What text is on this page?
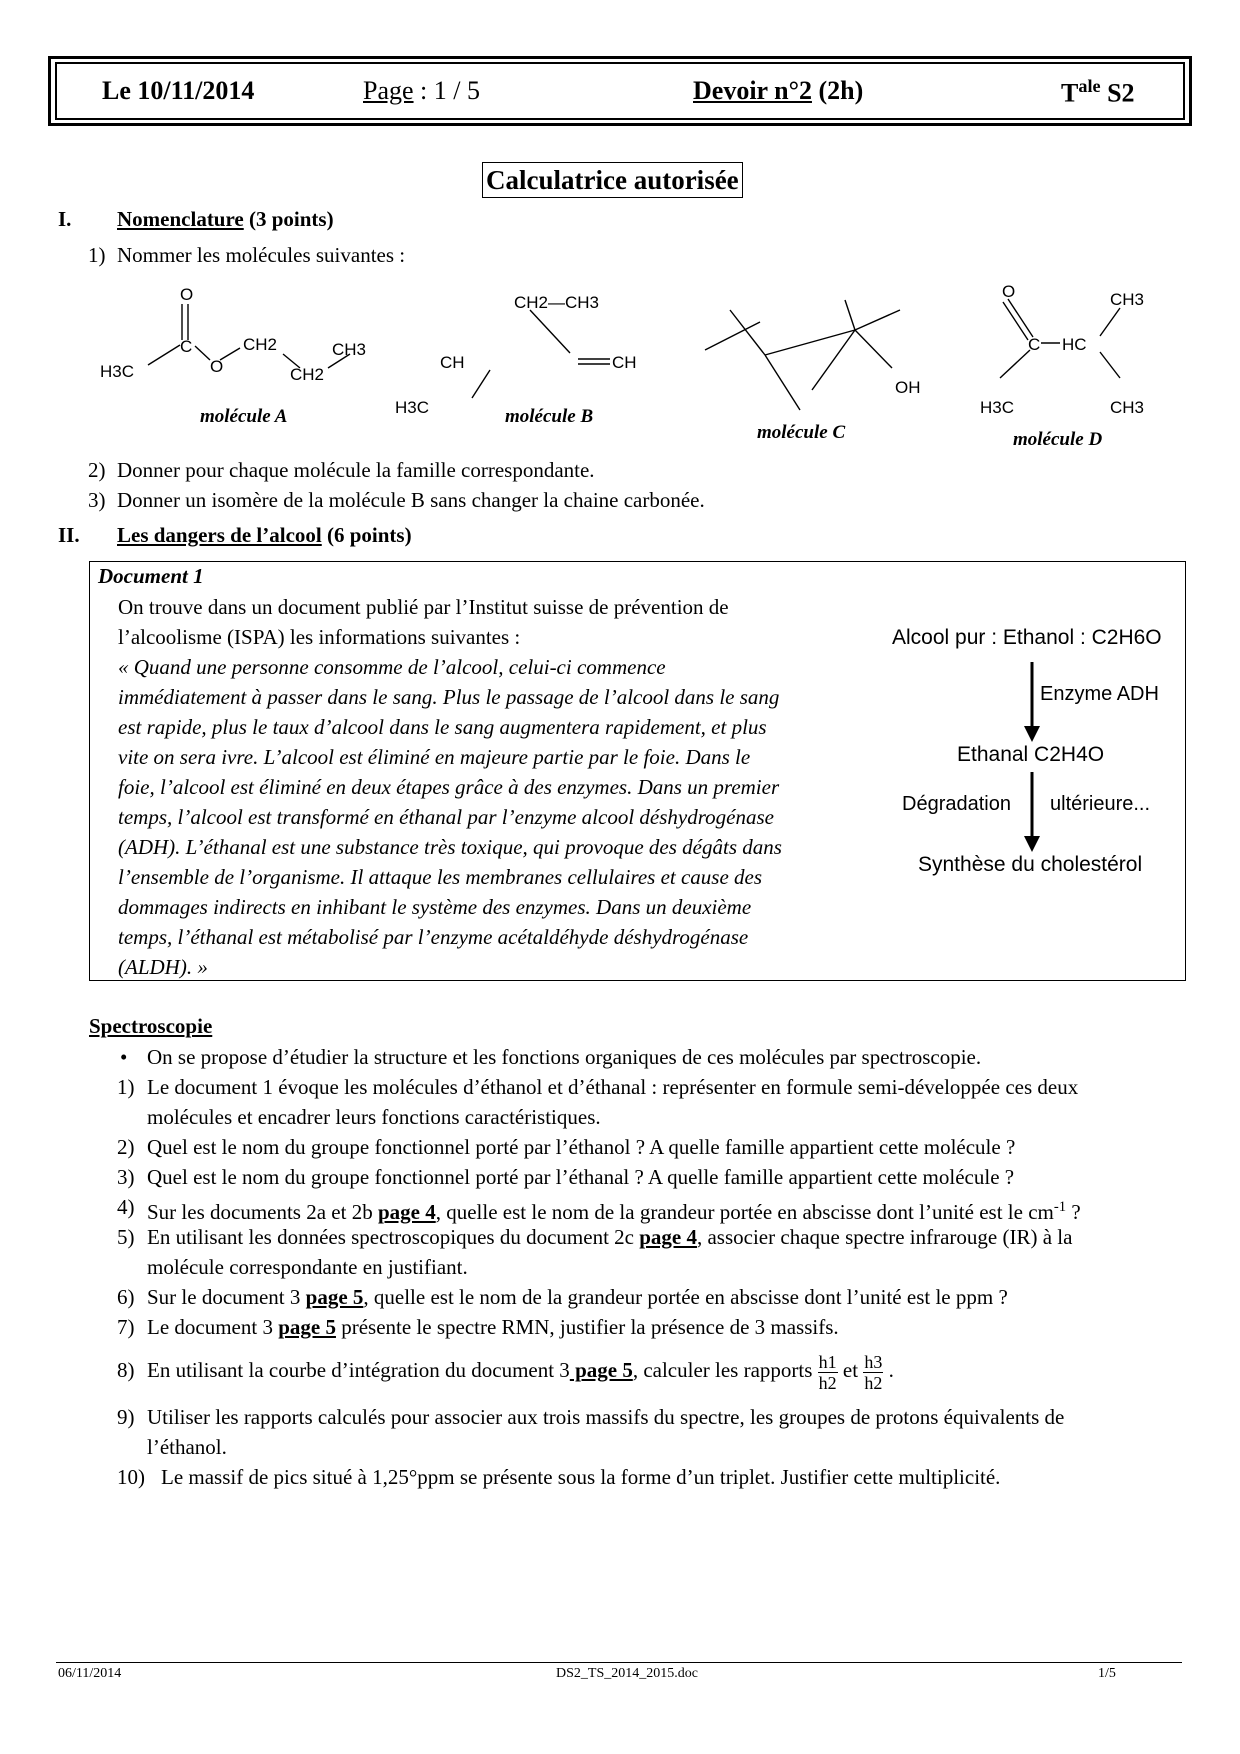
Le 10/11/2014	Page : 1 / 5	Devoir n°2 (2h)	$T^{ale}$ S2
Calculatrice autorisée
I. Nomenclature (3 points)
1) Nommer les molécules suivantes :
O
C
O
H3C
CH2
CH2
CH3
CH2—CH3
CH	CH
H3C
OH
O	CH3
C HC
H3C	CH3
molécule A	molécule B
molécule C	molécule D
2) Donner pour chaque molécule la famille correspondante.
3) Donner un isomère de la molécule B sans changer la chaine carbonée.
II. Les dangers de l’alcool (6 points)
Document 1

On trouve dans un document publié par l’Institut suisse de prévention de

l’alcoolisme (ISPA) les informations suivantes :

« Quand une personne consomme de l’alcool, celui-ci commence

immédiatement à passer dans le sang. Plus le passage de l’alcool dans le sang

est rapide, plus le taux d’alcool dans le sang augmentera rapidement, et plus

vite on sera ivre. L’alcool est éliminé en majeure partie par le foie. Dans le

foie, l’alcool est éliminé en deux étapes grâce à des enzymes. Dans un premier

temps, l’alcool est transformé en éthanal par l’enzyme alcool déshydrogénase

(ADH). L’éthanal est une substance très toxique, qui provoque des dégâts dans

l’ensemble de l’organisme. Il attaque les membranes cellulaires et cause des

dommages indirects en inhibant le système des enzymes. Dans un deuxième

temps, l’éthanal est métabolisé par l’enzyme acétaldéhyde déshydrogénase

(ALDH). »

Alcool pur : Ethanol : C2H6O
Enzyme ADH
Ethanal C2H4O
Dégradation ultérieure...
Synthèse du cholestérol
Spectroscopie
• On se propose d’étudier la structure et les fonctions organiques de ces molécules par spectroscopie.
1) Le document 1 évoque les molécules d’éthanol et d’éthanal : représenter en formule semi-développée ces deux
molécules et encadrer leurs fonctions caractéristiques.
2) Quel est le nom du groupe fonctionnel porté par l’éthanol ? A quelle famille appartient cette molécule ?
3) Quel est le nom du groupe fonctionnel porté par l’éthanal ? A quelle famille appartient cette molécule ?
4) Sur les documents 2a et 2b page 4, quelle est le nom de la grandeur portée en abscisse dont l’unité est le $cm^{-1}$ ?
5) En utilisant les données spectroscopiques du document 2c page 4, associer chaque spectre infrarouge (IR) à la
molécule correspondante en justifiant.
6) Sur le document 3 page 5, quelle est le nom de la grandeur portée en abscisse dont l’unité est le ppm ?
7) Le document 3 page 5 présente le spectre RMN, justifier la présence de 3 massifs.
8) En utilisant la courbe d’intégration du document 3 page 5, calculer les rapports $\frac{h1}{h2}$ et $\frac{h3}{h2}$ .
9) Utiliser les rapports calculés pour associer aux trois massifs du spectre, les groupes de protons équivalents de
l’éthanol.
10) Le massif de pics situé à 1,25°ppm se présente sous la forme d’un triplet. Justifier cette multiplicité.
06/11/2014	DS2_TS_2014_2015.doc	1/5
